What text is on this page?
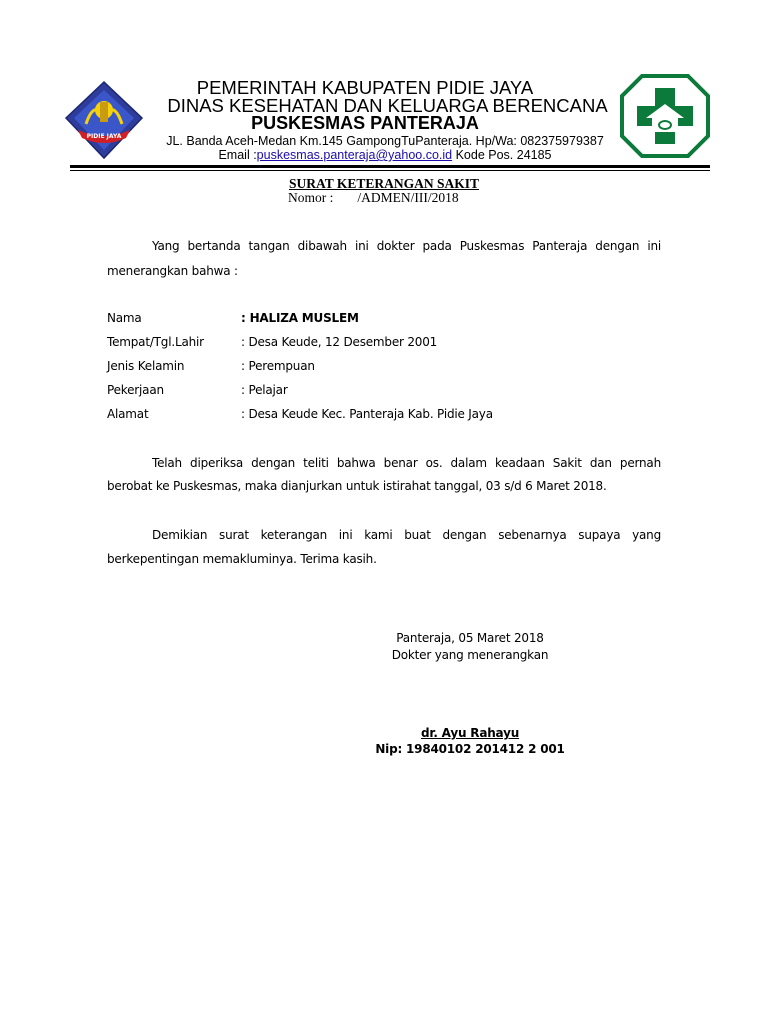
PIDIE JAYA
PEMERINTAH KABUPATEN PIDIE JAYA
DINAS KESEHATAN DAN KELUARGA BERENCANA
PUSKESMAS PANTERAJA
JL. Banda Aceh-Medan Km.145 GampongTuPanteraja. Hp/Wa: 082375979387
Email :puskesmas.panteraja@yahoo.co.id Kode Pos. 24185
SURAT KETERANGAN SAKIT
Nomor : /ADMEN/III/2018
Yang bertanda tangan dibawah ini dokter pada Puskesmas Panteraja dengan ini
menerangkan bahwa :
Nama	: HALIZA MUSLEM
Tempat/Tgl.Lahir	: Desa Keude, 12 Desember 2001
Jenis Kelamin	: Perempuan
Pekerjaan	: Pelajar
Alamat	: Desa Keude Kec. Panteraja Kab. Pidie Jaya
Telah diperiksa dengan teliti bahwa benar os. dalam keadaan Sakit dan pernah
berobat ke Puskesmas, maka dianjurkan untuk istirahat tanggal, 03 s/d 6 Maret 2018.
Demikian surat keterangan ini kami buat dengan sebenarnya supaya yang
berkepentingan memakluminya. Terima kasih.
Panteraja, 05 Maret 2018
Dokter yang menerangkan
dr. Ayu Rahayu
Nip: 19840102 201412 2 001
